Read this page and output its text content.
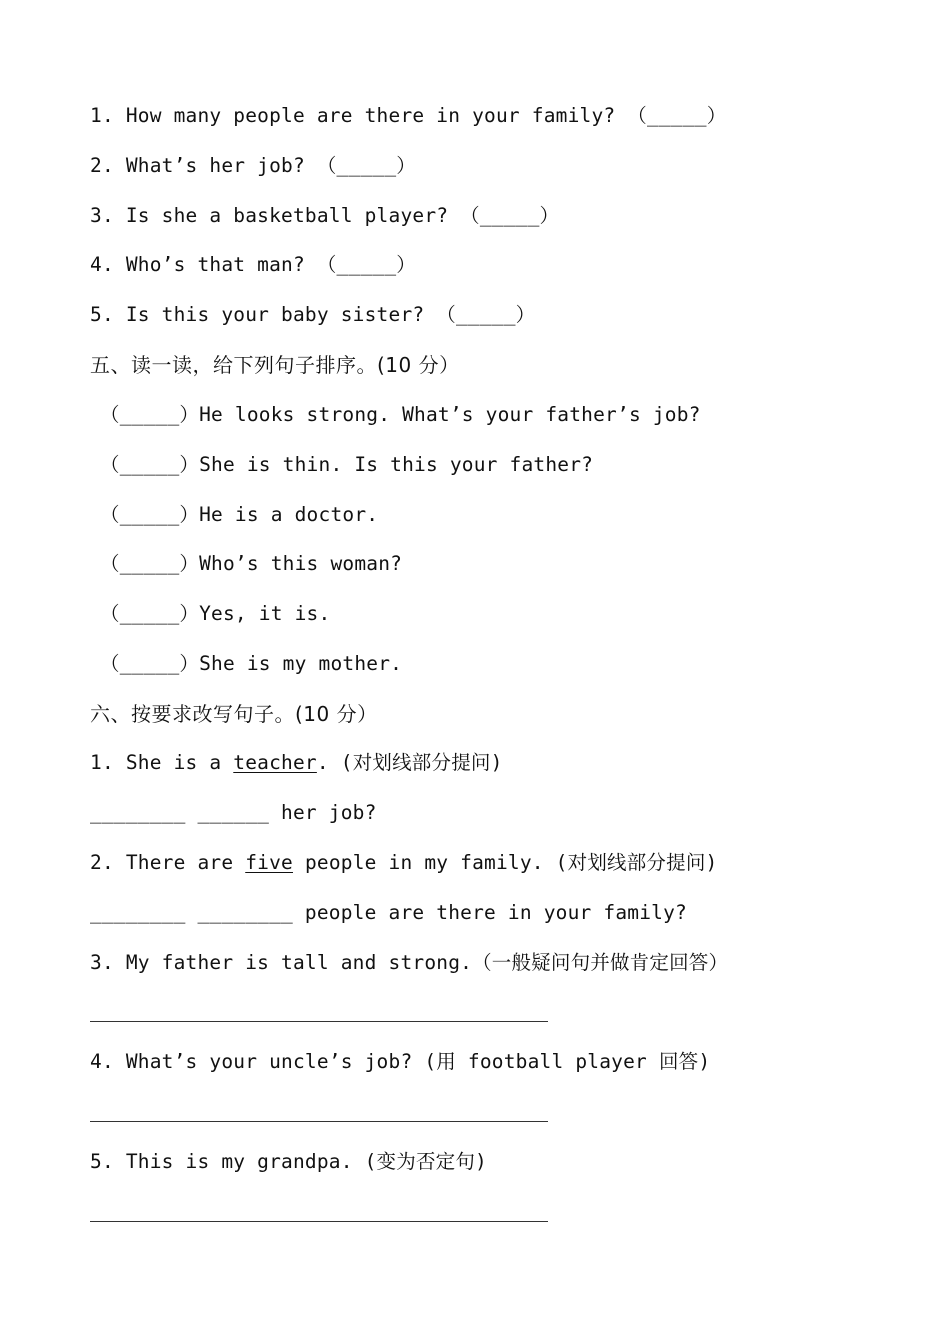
1. How many people are there in your family? （_____）
2. What’s her job? （_____）
3. Is she a basketball player? （_____）
4. Who’s that man? （_____）
5. Is this your baby sister? （_____）
五、读一读，给下列句子排序。(10 分）
（_____）He looks strong. What’s your father’s job?
（_____）She is thin. Is this your father?
（_____）He is a doctor.
（_____）Who’s this woman?
（_____）Yes, it is.
（_____）She is my mother.
六、按要求改写句子。(10 分）
1. She is a teacher. (对划线部分提问)
________ ______ her job?
2. There are five people in my family. (对划线部分提问)
________ ________ people are there in your family?
3. My father is tall and strong.（一般疑问句并做肯定回答）
4. What’s your uncle’s job? (用 football player 回答)
5. This is my grandpa. (变为否定句)
